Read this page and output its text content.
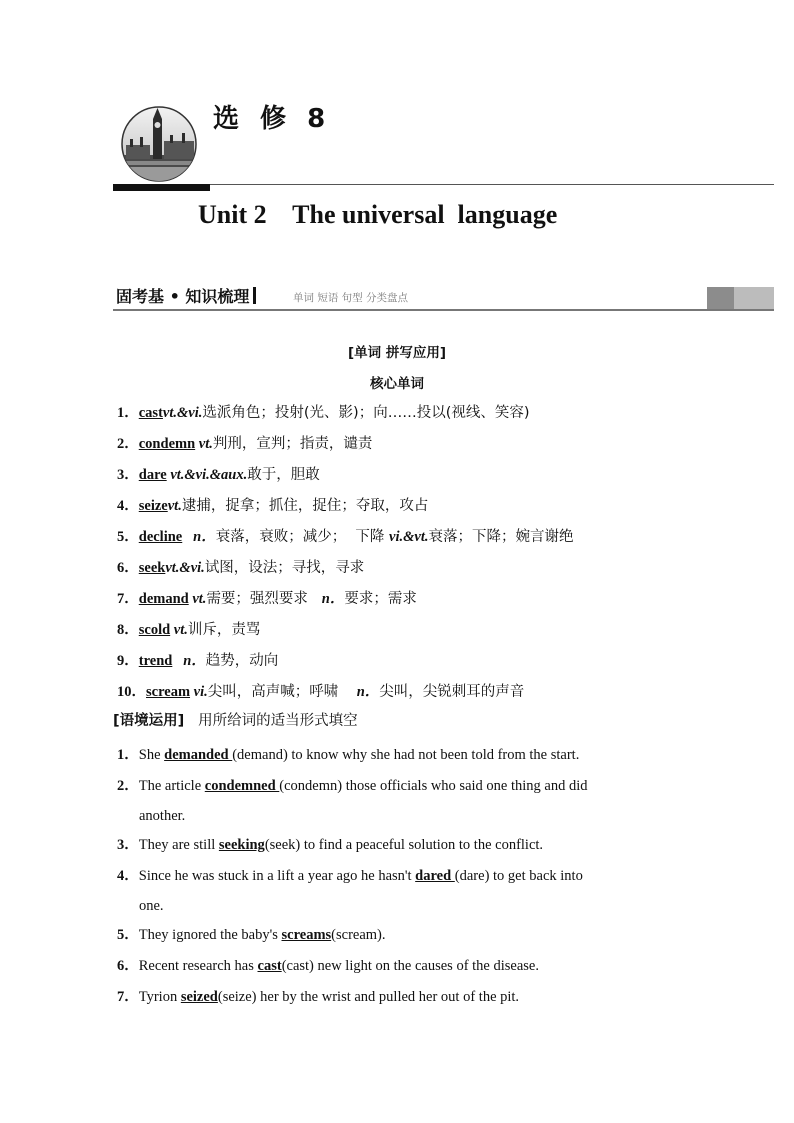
选 修 8
Unit 2    The universal  language
固考基 • 知识梳理	单词 短语 句型 分类盘点
[单词 拼写应用]
核心单词
1．castvt.&vi.选派角色；投射(光、影)；向……投以(视线、笑容)
2．condemn vt.判刑，宣判；指责，谴责
3．dare vt.&vi.&aux.敢于，胆敢
4．seizevt.逮捕，捉拿；抓住，捉住；夺取，攻占
5．decline   n．衰落，衰败；减少；  下降 vi.&vt.衰落；下降；婉言谢绝
6．seekvt.&vi.试图，设法；寻找，寻求
7．demand vt.需要；强烈要求   n．要求；需求
8．scold vt.训斥，责骂
9．trend   n．趋势，动向
10．scream vi.尖叫，高声喊；呼啸    n．尖叫，尖锐刺耳的声音
[语境运用] 用所给词的适当形式填空
1．She demanded (demand) to know why she had not been told from the start.
2．The article condemned (condemn) those officials who said one thing and did
another.
3．They are still seeking(seek) to find a peaceful solution to the conflict.
4．Since he was stuck in a lift a year ago he hasn't dared (dare) to get back into
one.
5．They ignored the baby's screams(scream).
6．Recent research has cast(cast) new light on the causes of the disease.
7．Tyrion seized(seize) her by the wrist and pulled her out of the pit.
